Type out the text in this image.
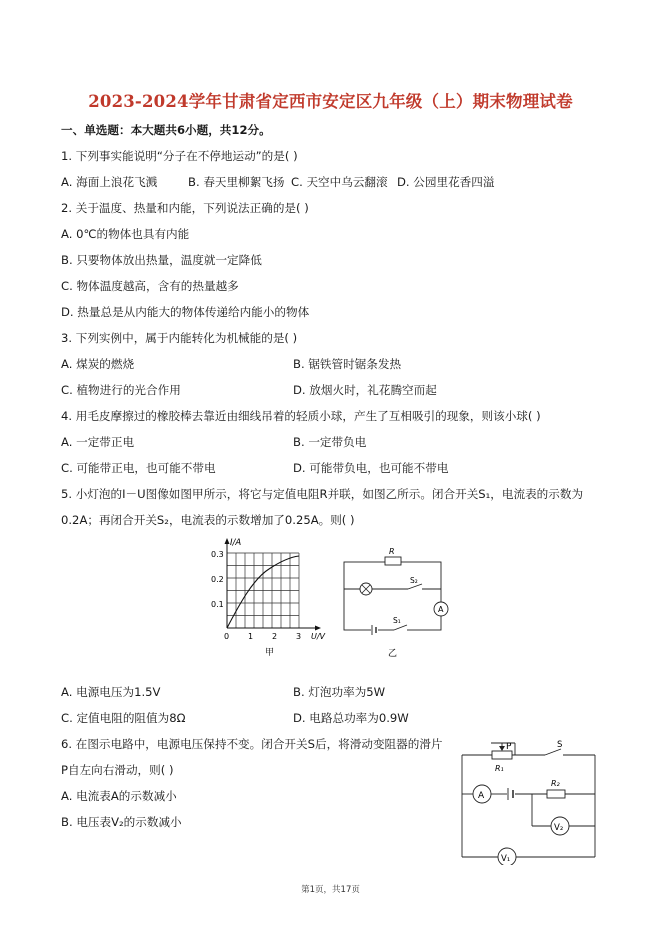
2023-2024学年甘肃省定西市安定区九年级（上）期末物理试卷
一、单选题：本大题共6小题，共12分。
1. 下列事实能说明“分子在不停地运动”的是( )
A. 海面上浪花飞溅	B. 春天里柳絮飞扬 C. 天空中乌云翻滚 D. 公园里花香四溢
2. 关于温度、热量和内能，下列说法正确的是( )
A. 0℃的物体也具有内能
B. 只要物体放出热量，温度就一定降低
C. 物体温度越高，含有的热量越多
D. 热量总是从内能大的物体传递给内能小的物体
3. 下列实例中，属于内能转化为机械能的是( )
A. 煤炭的燃烧	B. 锯铁管时锯条发热
C. 植物进行的光合作用	D. 放烟火时，礼花腾空而起
4. 用毛皮摩擦过的橡胶棒去靠近由细线吊着的轻质小球，产生了互相吸引的现象，则该小球( )
A. 一定带正电	B. 一定带负电
C. 可能带正电，也可能不带电	D. 可能带负电，也可能不带电
5. 小灯泡的I－U图像如图甲所示，将它与定值电阻R并联，如图乙所示。闭合开关S₁，电流表的示数为
0.2A；再闭合开关S₂，电流表的示数增加了0.25A。则( )
I/A
0.3
0.2
0.1
0 1 2 3 U/V
甲
R
S₂
A
S₁
乙
A. 电源电压为1.5V	B. 灯泡功率为5W
C. 定值电阻的阻值为8Ω	D. 电路总功率为0.9W
6. 在图示电路中，电源电压保持不变。闭合开关S后，将滑动变阻器的滑片
P自左向右滑动，则( )
A. 电流表A的示数减小
B. 电压表V₂的示数减小
P
R₁
S
A
R₂
V₂
V₁
第1页，共17页
